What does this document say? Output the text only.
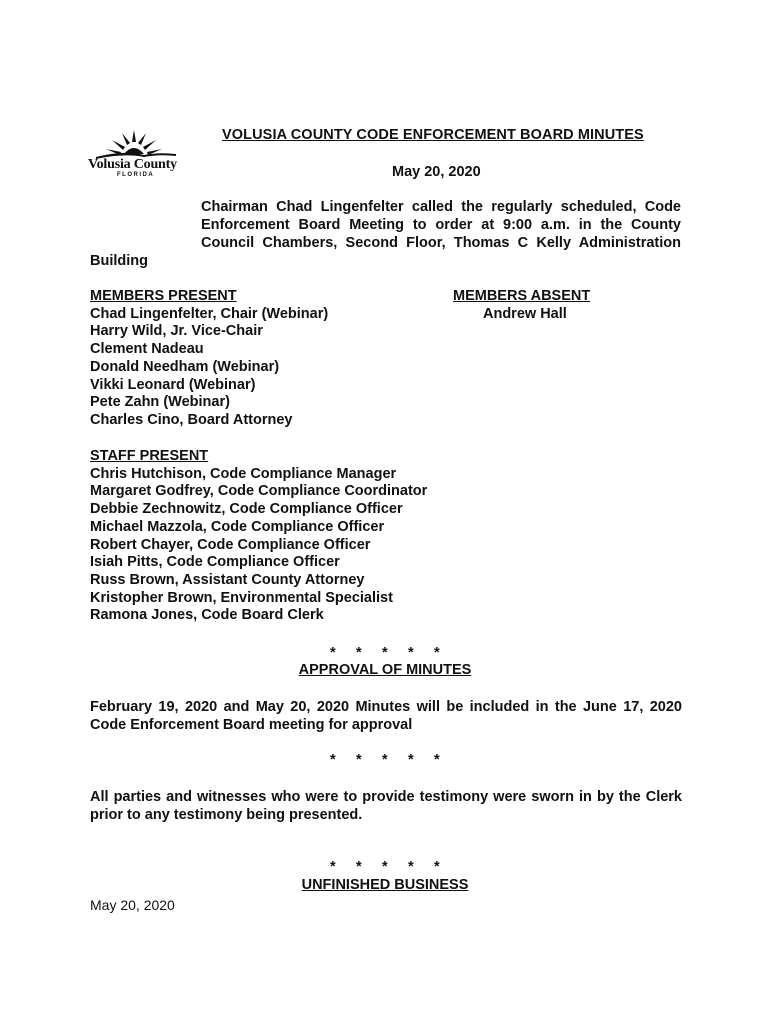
Volusia County
FLORIDA
VOLUSIA COUNTY CODE ENFORCEMENT BOARD MINUTES
May 20, 2020
Chairman Chad Lingenfelter called the regularly scheduled, Code Enforcement Board Meeting to order at 9:00 a.m. in the County Council Chambers, Second Floor, Thomas C Kelly Administration
Building
MEMBERS PRESENT
Chad Lingenfelter, Chair (Webinar)
Harry Wild, Jr. Vice-Chair
Clement Nadeau
Donald Needham (Webinar)
Vikki Leonard (Webinar)
Pete Zahn (Webinar)
Charles Cino, Board Attorney
MEMBERS ABSENT
Andrew Hall
STAFF PRESENT
Chris Hutchison, Code Compliance Manager
Margaret Godfrey, Code Compliance Coordinator
Debbie Zechnowitz, Code Compliance Officer
Michael Mazzola, Code Compliance Officer
Robert Chayer, Code Compliance Officer
Isiah Pitts, Code Compliance Officer
Russ Brown, Assistant County Attorney
Kristopher Brown, Environmental Specialist
Ramona Jones, Code Board Clerk
* * * * *
APPROVAL OF MINUTES
February 19, 2020 and May 20, 2020 Minutes will be included in the June 17, 2020 Code Enforcement Board meeting for approval
* * * * *
All parties and witnesses who were to provide testimony were sworn in by the Clerk prior to any testimony being presented.
* * * * *
UNFINISHED BUSINESS
May 20, 2020
